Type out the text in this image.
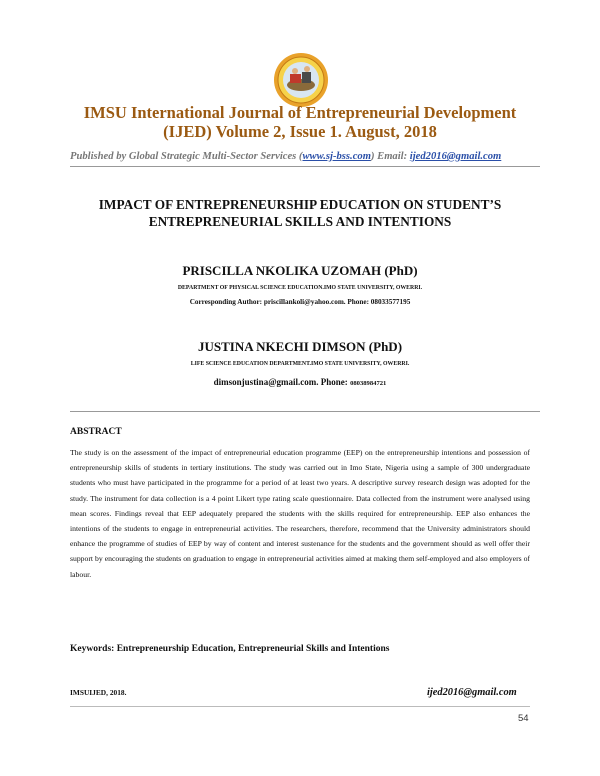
IMSU International Journal of Entrepreneurial Development
(IJED) Volume 2, Issue 1. August, 2018
Published by Global Strategic Multi-Sector Services (www.sj-bss.com) Email: ijed2016@gmail.com
IMPACT OF ENTREPRENEURSHIP EDUCATION ON STUDENT’S
ENTREPRENEURIAL SKILLS AND INTENTIONS
PRISCILLA NKOLIKA UZOMAH (PhD)
DEPARTMENT OF PHYSICAL SCIENCE EDUCATION.IMO STATE UNIVERSITY, OWERRI.
Corresponding Author: priscillankoli@yahoo.com. Phone: 08033577195
JUSTINA NKECHI DIMSON (PhD)
LIFE SCIENCE EDUCATION DEPARTMENT.IMO STATE UNIVERSITY, OWERRI.
dimsonjustina@gmail.com. Phone: 08038984721
ABSTRACT
The study is on the assessment of the impact of entrepreneurial education programme (EEP) on the entrepreneurship intentions and possession of entrepreneurship skills of students in tertiary institutions. The study was carried out in Imo State, Nigeria using a sample of 300 undergraduate students who must have participated in the programme for a period of at least two years. A descriptive survey research design was adopted for the study. The instrument for data collection is a 4 point Likert type rating scale questionnaire. Data collected from the instrument were analysed using mean scores. Findings reveal that EEP adequately prepared the students with the skills required for entrepreneurship. EEP also enhances the intentions of the students to engage in entrepreneurial activities. The researchers, therefore, recommend that the University administrators should enhance the programme of studies of EEP by way of content and interest sustenance for the students and the government should as well offer their support by encouraging the students on graduation to engage in entrepreneurial activities aimed at making them self-employed and also employers of labour.
Keywords: Entrepreneurship Education, Entrepreneurial Skills and Intentions
IMSUIJED, 2018.	ijed2016@gmail.com
54
